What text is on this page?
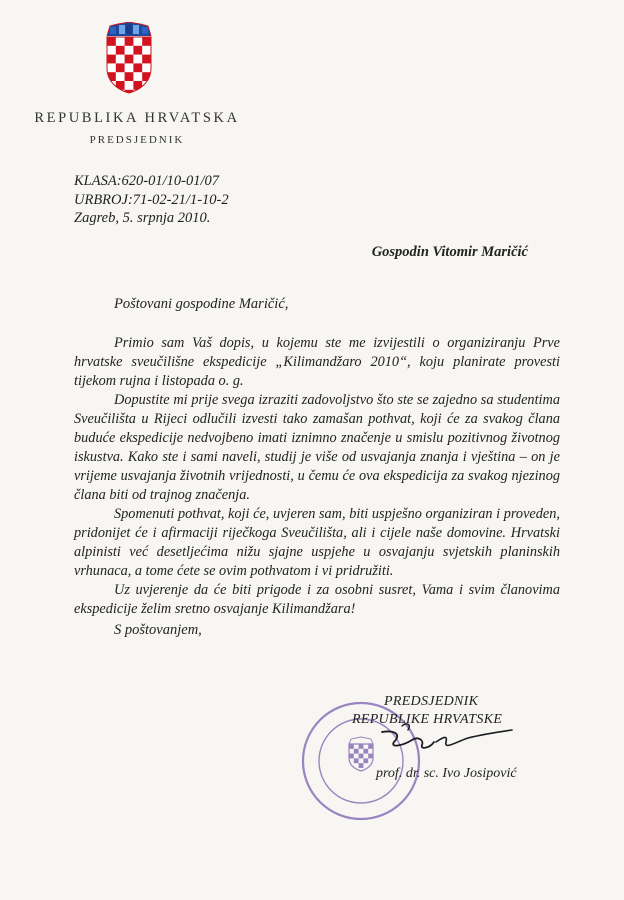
REPUBLIKA HRVATSKA
PREDSJEDNIK
KLASA:620-01/10-01/07
URBROJ:71-02-21/1-10-2
Zagreb, 5. srpnja 2010.
Gospodin Vitomir Maričić
Poštovani gospodine Maričić,

Primio sam Vaš dopis, u kojemu ste me izvijestili o organiziranju Prve hrvatske sveučilišne ekspedicije „Kilimandžaro 2010“, koju planirate provesti tijekom rujna i listopada o. g.

Dopustite mi prije svega izraziti zadovoljstvo što ste se zajedno sa studentima Sveučilišta u Rijeci odlučili izvesti tako zamašan pothvat, koji će za svakog člana buduće ekspedicije nedvojbeno imati iznimno značenje u smislu pozitivnog životnog iskustva. Kako ste i sami naveli, studij je više od usvajanja znanja i vještina – on je vrijeme usvajanja životnih vrijednosti, u čemu će ova ekspedicija za svakog njezinog člana biti od trajnog značenja.

Spomenuti pothvat, koji će, uvjeren sam, biti uspješno organiziran i proveden, pridonijet će i afirmaciji riječkoga Sveučilišta, ali i cijele naše domovine. Hrvatski alpinisti već desetljećima nižu sjajne uspjehe u osvajanju svjetskih planinskih vrhunaca, a tome ćete se ovim pothvatom i vi pridružiti.

Uz uvjerenje da će biti prigode i za osobni susret, Vama i svim članovima ekspedicije želim sretno osvajanje Kilimandžara!

S poštovanjem,
PREDSJEDNIK
REPUBLIKE HRVATSKE
prof. dr. sc. Ivo Josipović
